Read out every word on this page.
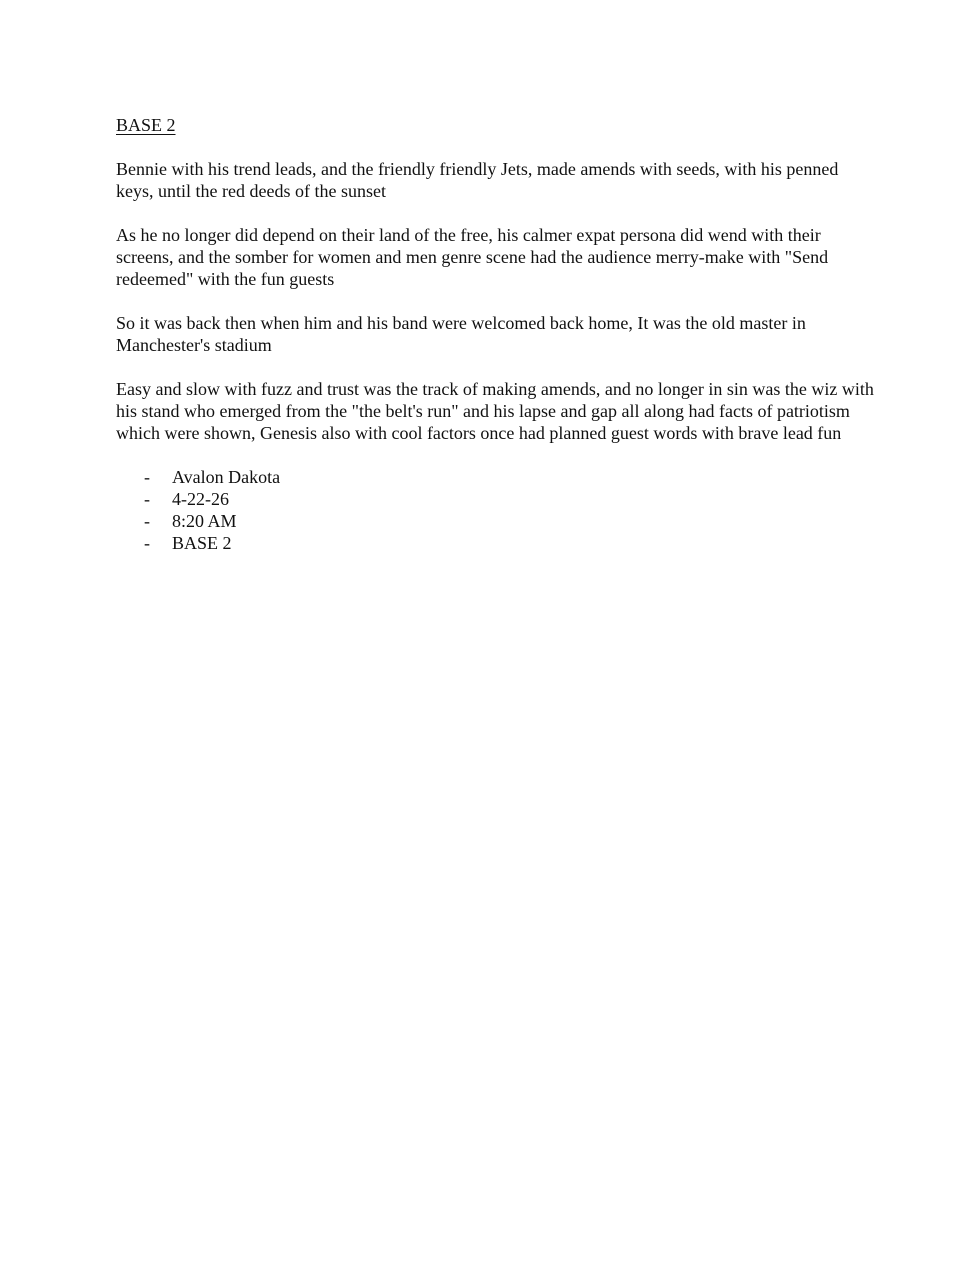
BASE 2

Bennie with his trend leads, and the friendly friendly Jets, made amends with seeds, with his penned keys, until the red deeds of the sunset

As he no longer did depend on their land of the free, his calmer expat persona did wend with their screens, and the somber for women and men genre scene had the audience merry-make with "Send redeemed" with the fun guests

So it was back then when him and his band were welcomed back home, It was the old master in Manchester's stadium

Easy and slow with fuzz and trust was the track of making amends, and no longer in sin was the wiz with his stand who emerged from the "the belt's run" and his lapse and gap all along had facts of patriotism which were shown, Genesis also with cool factors once had planned guest words with brave lead fun

- Avalon Dakota
- 4-22-26
- 8:20 AM
- BASE 2
